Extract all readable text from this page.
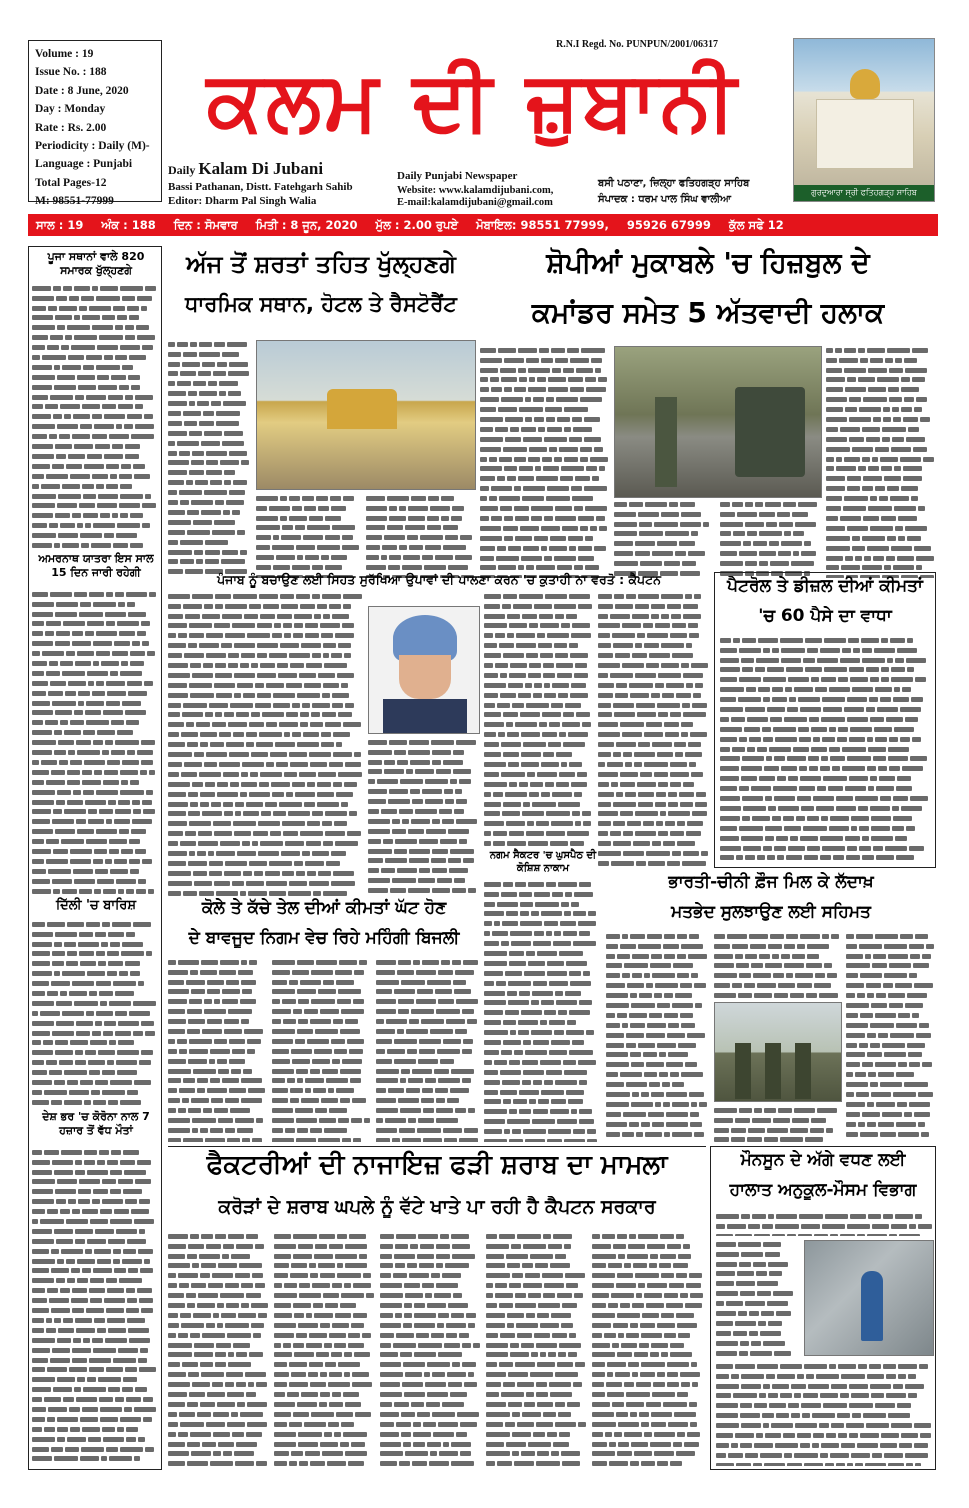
Volume : 19
Issue No. : 188
Date : 8 June, 2020
Day : Monday
Rate : Rs. 2.00
Periodicity : Daily (M)-
Language : Punjabi
Total Pages-12
M: 98551-77999
R.N.I Regd. No. PUNPUN/2001/06317
ਕਲਮ ਦੀ ਜ਼ੁਬਾਨੀ
ਗੁਰਦੁਆਰਾ ਸ੍ਰੀ ਫਤਿਹਗੜ੍ਹ ਸਾਹਿਬ
Daily Kalam Di Jubani
Bassi Pathanan, Distt. Fatehgarh Sahib
Editor: Dharm Pal Singh Walia
Daily Punjabi Newspaper
Website: www.kalamdijubani.com,
E-mail:kalamdijubani@gmail.com
ਬਸੀ ਪਠਾਣਾ, ਜ਼ਿਲ੍ਹਾ ਫਤਿਹਗੜ੍ਹ ਸਾਹਿਬ
ਸੰਪਾਦਕ : ਧਰਮ ਪਾਲ ਸਿੰਘ ਵਾਲੀਆ
ਸਾਲ : 19 ਅੰਕ : 188 ਦਿਨ : ਸੋਮਵਾਰ ਮਿਤੀ : 8 ਜੂਨ, 2020 ਮੁੱਲ : 2.00 ਰੁਪਏ ਮੋਬਾਇਲ: 98551 77999, 95926 67999 ਕੁੱਲ ਸਫੇ 12
ਪੂਜਾ ਸਥਾਨਾਂ ਵਾਲੇ 820 ਸਮਾਰਕ ਖੁੱਲ੍ਹਣਗੇ
ਅਮਰਨਾਥ ਯਾਤਰਾ ਇਸ ਸਾਲ 15 ਦਿਨ ਜਾਰੀ ਰਹੇਗੀ
ਦਿੱਲੀ 'ਚ ਬਾਰਿਸ਼
ਦੇਸ਼ ਭਰ 'ਚ ਕੋਰੋਨਾ ਨਾਲ 7 ਹਜ਼ਾਰ ਤੋਂ ਵੱਧ ਮੌਤਾਂ
ਅੱਜ ਤੋਂ ਸ਼ਰਤਾਂ ਤਹਿਤ ਖੁੱਲ੍ਹਣਗੇ
ਧਾਰਮਿਕ ਸਥਾਨ, ਹੋਟਲ ਤੇ ਰੈਸਟੋਰੈਂਟ
ਸ਼ੋਪੀਆਂ ਮੁਕਾਬਲੇ 'ਚ ਹਿਜ਼ਬੁਲ ਦੇ
ਕਮਾਂਡਰ ਸਮੇਤ 5 ਅੱਤਵਾਦੀ ਹਲਾਕ
ਪੰਜਾਬ ਨੂੰ ਬਚਾਉਣ ਲਈ ਸਿਹਤ ਸੁਰੱਖਿਆ ਉਪਾਵਾਂ ਦੀ ਪਾਲਣਾ ਕਰਨ 'ਚ ਕੁਤਾਹੀ ਨਾ ਵਰਤੋ : ਕੈਪਟਨ	ਪੈਟਰੋਲ ਤੇ ਡੀਜ਼ਲ ਦੀਆਂ ਕੀਮਤਾਂ
'ਚ 60 ਪੈਸੇ ਦਾ ਵਾਧਾ
ਕੋਲੇ ਤੇ ਕੱਚੇ ਤੇਲ ਦੀਆਂ ਕੀਮਤਾਂ ਘੱਟ ਹੋਣ
ਦੇ ਬਾਵਜੂਦ ਨਿਗਮ ਵੇਚ ਰਿਹੇ ਮਹਿੰਗੀ ਬਿਜਲੀ
ਨਗਮ ਸੈਕਟਰ 'ਚ ਘੁਸਪੈਠ ਦੀ ਕੋਸ਼ਿਸ਼ ਨਾਕਾਮ
ਭਾਰਤੀ-ਚੀਨੀ ਫ਼ੌਜ ਮਿਲ ਕੇ ਲੱਦਾਖ਼
ਮਤਭੇਦ ਸੁਲਝਾਉਣ ਲਈ ਸਹਿਮਤ
ਫੈਕਟਰੀਆਂ ਦੀ ਨਾਜਾਇਜ਼ ਫੜੀ ਸ਼ਰਾਬ ਦਾ ਮਾਮਲਾ
ਕਰੋੜਾਂ ਦੇ ਸ਼ਰਾਬ ਘਪਲੇ ਨੂੰ ਵੱਟੇ ਖਾਤੇ ਪਾ ਰਹੀ ਹੈ ਕੈਪਟਨ ਸਰਕਾਰ
ਮੌਨਸੂਨ ਦੇ ਅੱਗੇ ਵਧਣ ਲਈ
ਹਾਲਾਤ ਅਨੁਕੂਲ-ਮੌਸਮ ਵਿਭਾਗ
